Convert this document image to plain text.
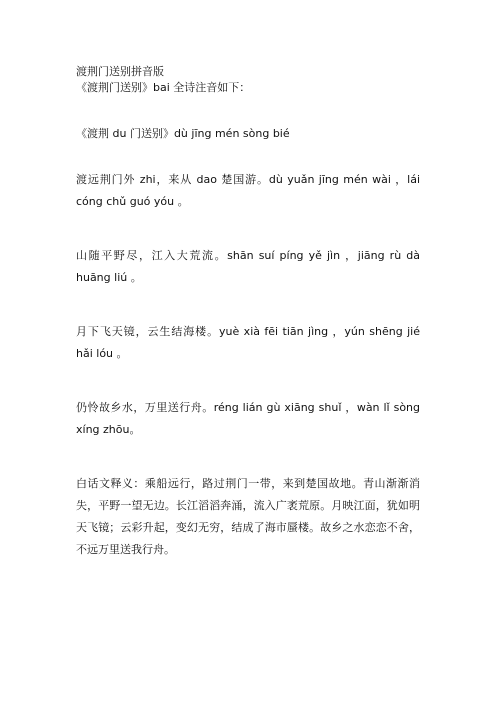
渡荆门送别拼音版

《渡荆门送别》bai 全诗注音如下：

《渡荆 du 门送别》dù jīng mén sòng bié

渡远荆门外 zhi，来从 dao 楚国游。dù yuǎn jīng mén wài ，lái cóng chǔ guó yóu 。

山随平野尽，江入大荒流。shān suí píng yě jìn ，jiāng rù dà huāng liú 。

月下飞天镜，云生结海楼。yuè xià fēi tiān jìng ，yún shēng jié hǎi lóu 。

仍怜故乡水，万里送行舟。réng lián gù xiāng shuǐ ，wàn lǐ sòng xíng zhōu。

白话文释义：乘船远行，路过荆门一带，来到楚国故地。青山渐渐消失，平野一望无边。长江滔滔奔涌，流入广袤荒原。月映江面，犹如明天飞镜；云彩升起，变幻无穷，结成了海市蜃楼。故乡之水恋恋不舍，不远万里送我行舟。
